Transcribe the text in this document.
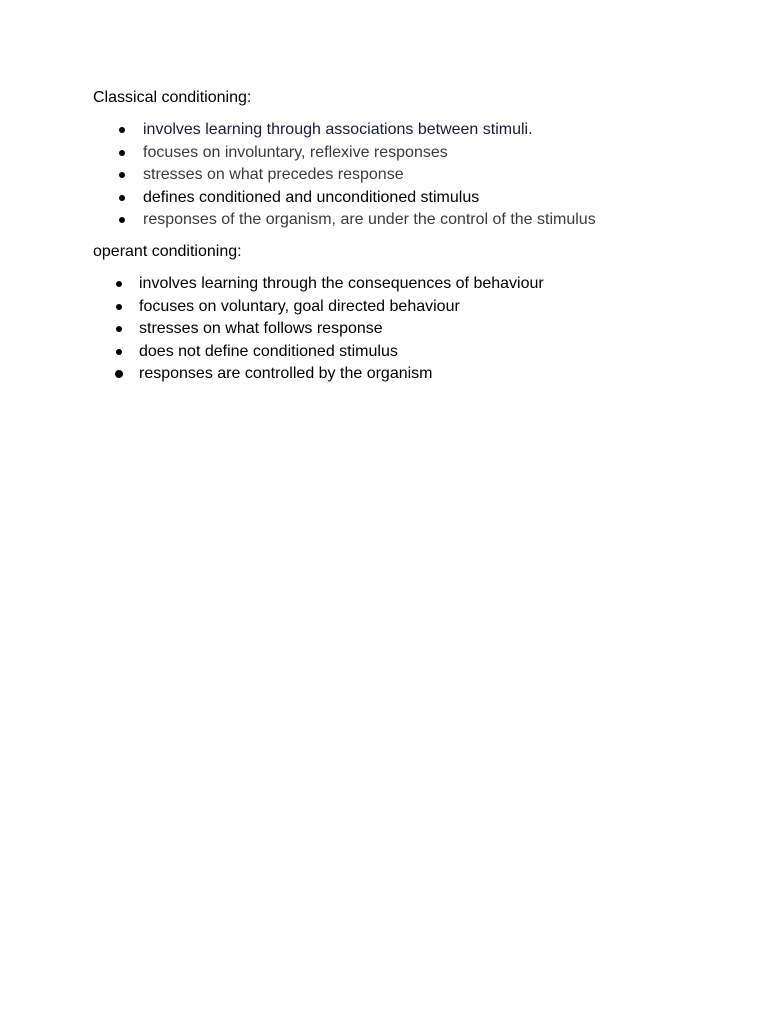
Classical conditioning:
involves learning through associations between stimuli.
focuses on involuntary, reflexive responses
stresses on what precedes response
defines conditioned and unconditioned stimulus
responses of the organism, are under the control of the stimulus
operant conditioning:
involves learning through the consequences of behaviour
focuses on voluntary, goal directed behaviour
stresses on what follows response
does not define conditioned stimulus
responses are controlled by the organism
